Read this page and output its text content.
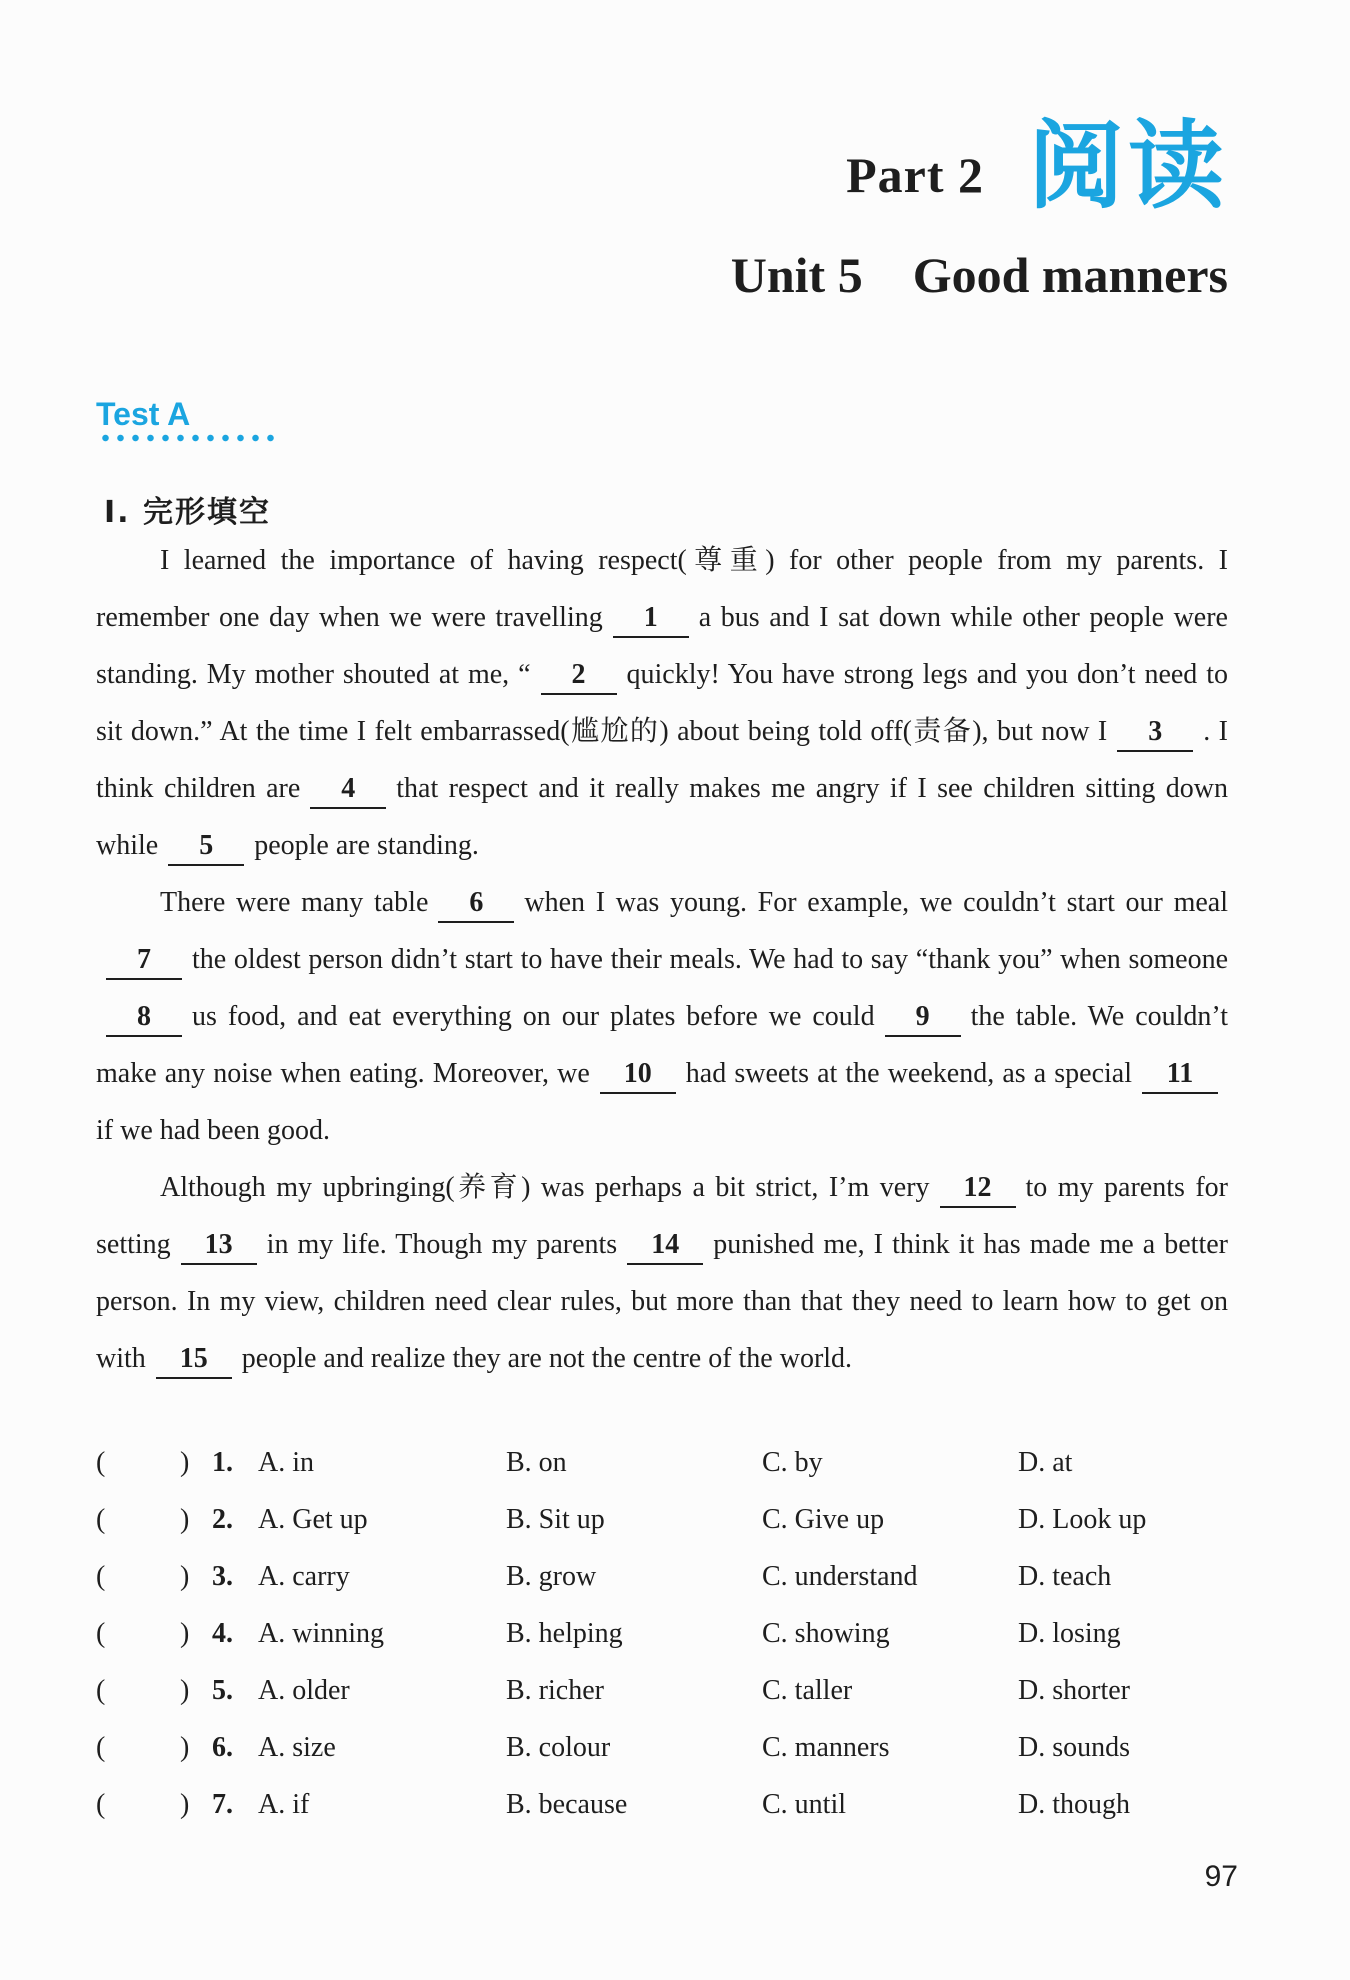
Part 2 阅读
Unit 5    Good manners
Test A
Ⅰ. 完形填空

I learned the importance of having respect(尊重) for other people from my parents. I remember one day when we were travelling 1 a bus and I sat down while other people were standing. My mother shouted at me, “ 2 quickly! You have strong legs and you don’t need to sit down.” At the time I felt embarrassed(尴尬的) about being told off(责备), but now I 3 . I think children are 4 that respect and it really makes me angry if I see children sitting down while 5 people are standing.

There were many table 6 when I was young. For example, we couldn’t start our meal7 the oldest person didn’t start to have their meals. We had to say “thank you” when someone8 us food, and eat everything on our plates before we could 9 the table. We couldn’t make any noise when eating. Moreover, we 10 had sweets at the weekend, as a special 11if we had been good.

Although my upbringing(养育) was perhaps a bit strict, I’m very 12 to my parents for setting 13 in my life. Though my parents 14 punished me, I think it has made me a better person. In my view, children need clear rules, but more than that they need to learn how to get on with 15 people and realize they are not the centre of the world.

(	) 1. A. in	B. on	C. by	D. at
(	) 2. A. Get up	B. Sit up	C. Give up	D. Look up
(	) 3. A. carry	B. grow	C. understand	D. teach
(	) 4. A. winning	B. helping	C. showing	D. losing
(	) 5. A. older	B. richer	C. taller	D. shorter
(	) 6. A. size	B. colour	C. manners	D. sounds
(	) 7. A. if	B. because	C. until	D. though
97
